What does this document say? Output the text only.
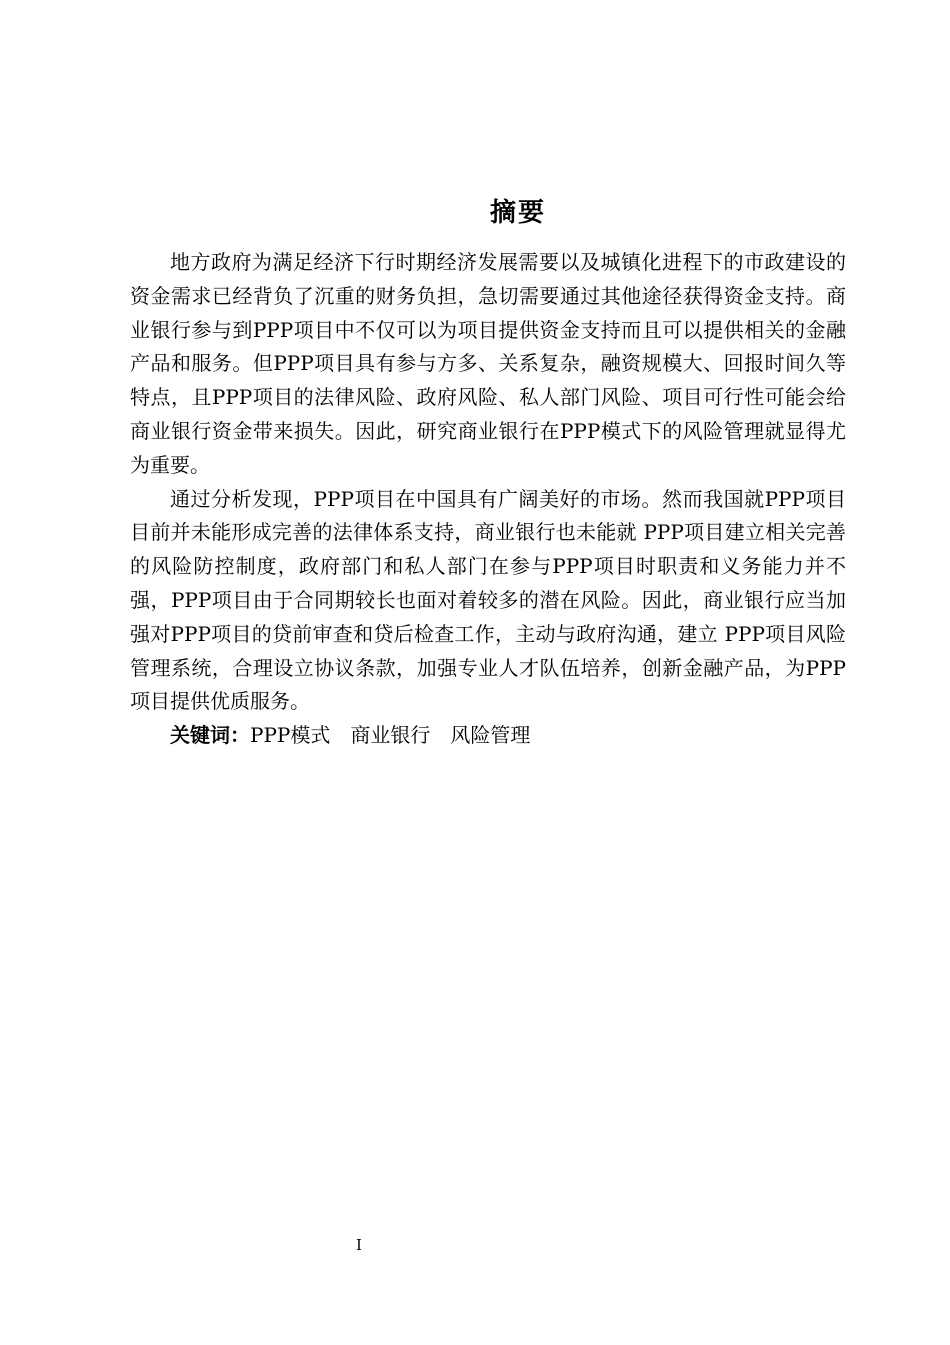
摘要

地方政府为满足经济下行时期经济发展需要以及城镇化进程下的市政建设的资金需求已经背负了沉重的财务负担，急切需要通过其他途径获得资金支持。商业银行参与到PPP项目中不仅可以为项目提供资金支持而且可以提供相关的金融产品和服务。但PPP项目具有参与方多、关系复杂，融资规模大、回报时间久等特点，且PPP项目的法律风险、政府风险、私人部门风险、项目可行性可能会给商业银行资金带来损失。因此，研究商业银行在PPP模式下的风险管理就显得尤为重要。

通过分析发现，PPP项目在中国具有广阔美好的市场。然而我国就PPP项目目前并未能形成完善的法律体系支持，商业银行也未能就 PPP项目建立相关完善的风险防控制度，政府部门和私人部门在参与PPP项目时职责和义务能力并不强，PPP项目由于合同期较长也面对着较多的潜在风险。因此，商业银行应当加强对PPP项目的贷前审查和贷后检查工作，主动与政府沟通，建立 PPP项目风险管理系统，合理设立协议条款，加强专业人才队伍培养，创新金融产品，为PPP项目提供优质服务。

关键词：PPP模式 商业银行 风险管理

I
